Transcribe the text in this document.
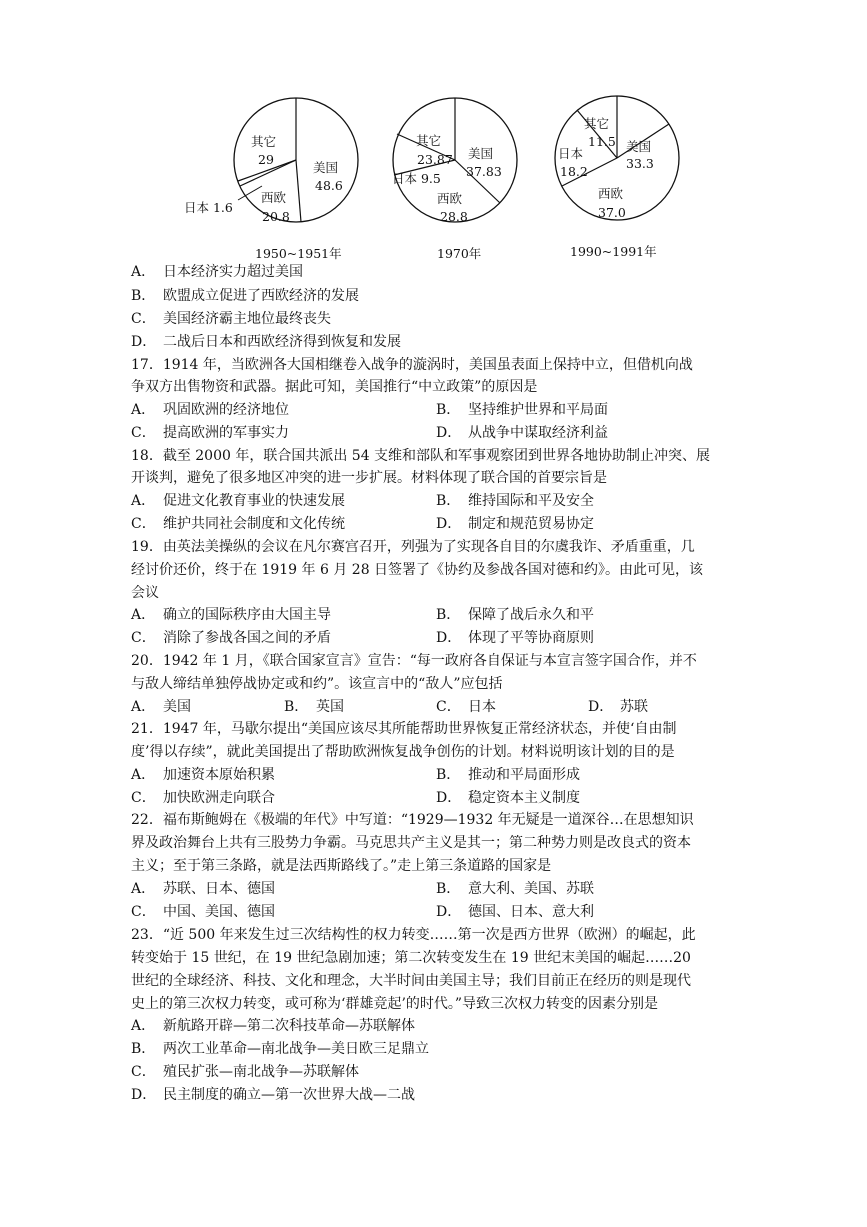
美国
48.6
西欧
20.8
其它
29
日本 1.6
1950~1951年
美国
37.83
西欧
28.8
其它
23.87
日本 9.5
1970年
美国
33.3
西欧
37.0
其它
11.5
日本
18.2
1990~1991年
A． 日本经济实力超过美国
B． 欧盟成立促进了西欧经济的发展
C． 美国经济霸主地位最终丧失
D． 二战后日本和西欧经济得到恢复和发展
17．1914 年，当欧洲各大国相继卷入战争的漩涡时，美国虽表面上保持中立，但借机向战
争双方出售物资和武器。据此可知，美国推行“中立政策”的原因是
A． 巩固欧洲的经济地位	B． 坚持维护世界和平局面
C． 提高欧洲的军事实力	D． 从战争中谋取经济利益
18．截至 2000 年，联合国共派出 54 支维和部队和军事观察团到世界各地协助制止冲突、展
开谈判，避免了很多地区冲突的进一步扩展。材料体现了联合国的首要宗旨是
A． 促进文化教育事业的快速发展	B． 维持国际和平及安全
C． 维护共同社会制度和文化传统	D． 制定和规范贸易协定
19．由英法美操纵的会议在凡尔赛宫召开，列强为了实现各自目的尔虞我诈、矛盾重重，几
经讨价还价，终于在 1919 年 6 月 28 日签署了《协约及参战各国对德和约》。由此可见，该
会议
A． 确立的国际秩序由大国主导	B． 保障了战后永久和平
C． 消除了参战各国之间的矛盾	D． 体现了平等协商原则
20．1942 年 1 月，《联合国家宣言》宣告：“每一政府各自保证与本宣言签字国合作，并不
与敌人缔结单独停战协定或和约”。该宣言中的“敌人”应包括
A． 美国	B． 英国	C． 日本	D． 苏联
21．1947 年，马歇尔提出“美国应该尽其所能帮助世界恢复正常经济状态，并使‘自由制
度’得以存续”，就此美国提出了帮助欧洲恢复战争创伤的计划。材料说明该计划的目的是
A． 加速资本原始积累	B． 推动和平局面形成
C． 加快欧洲走向联合	D． 稳定资本主义制度
22．福布斯鲍姆在《极端的年代》中写道：“1929—1932 年无疑是一道深谷…在思想知识
界及政治舞台上共有三股势力争霸。马克思共产主义是其一；第二种势力则是改良式的资本
主义；至于第三条路，就是法西斯路线了。”走上第三条道路的国家是
A． 苏联、日本、德国	B． 意大利、美国、苏联
C． 中国、美国、德国	D． 德国、日本、意大利
23．“近 500 年来发生过三次结构性的权力转变……第一次是西方世界（欧洲）的崛起，此
转变始于 15 世纪，在 19 世纪急剧加速；第二次转变发生在 19 世纪末美国的崛起……20
世纪的全球经济、科技、文化和理念，大半时间由美国主导；我们目前正在经历的则是现代
史上的第三次权力转变，或可称为‘群雄竞起’的时代。”导致三次权力转变的因素分别是
A． 新航路开辟—第二次科技革命—苏联解体
B． 两次工业革命—南北战争—美日欧三足鼎立
C． 殖民扩张—南北战争—苏联解体
D． 民主制度的确立—第一次世界大战—二战
